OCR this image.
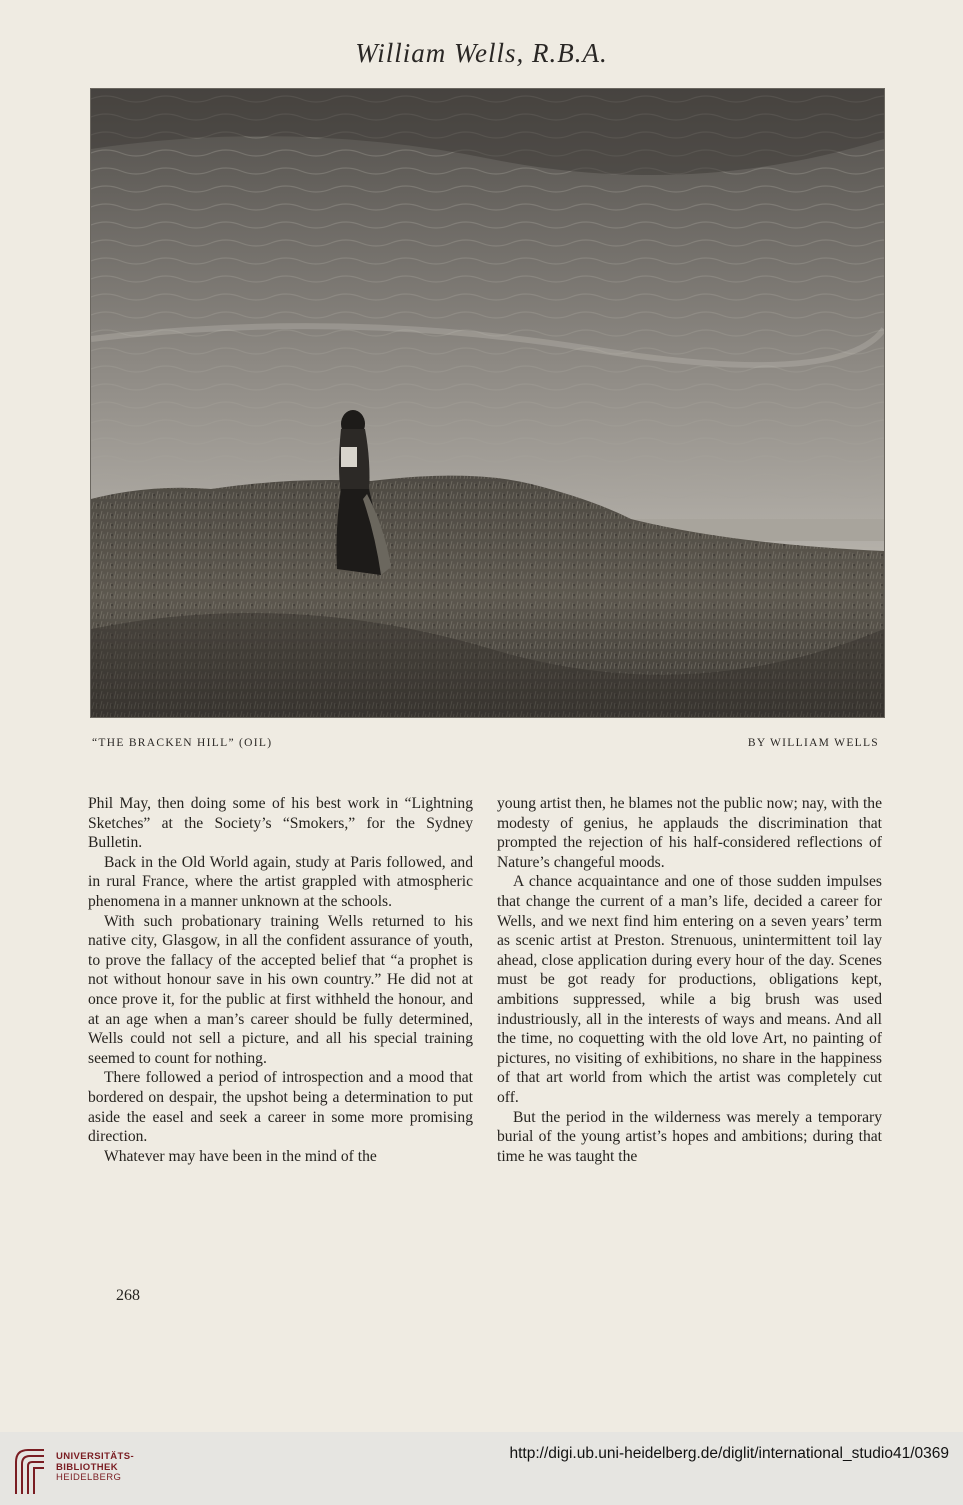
William Wells, R.B.A.
“THE BRACKEN HILL” (OIL)	BY WILLIAM WELLS

Phil May, then doing some of his best work in “Lightning Sketches” at the Society’s “Smokers,” for the Sydney Bulletin.

Back in the Old World again, study at Paris followed, and in rural France, where the artist grappled with atmospheric phenomena in a manner unknown at the schools.

With such probationary training Wells returned to his native city, Glasgow, in all the confident assurance of youth, to prove the fallacy of the accepted belief that “a prophet is not without honour save in his own country.” He did not at once prove it, for the public at first withheld the honour, and at an age when a man’s career should be fully determined, Wells could not sell a picture, and all his special training seemed to count for nothing.

There followed a period of introspection and a mood that bordered on despair, the upshot being a determination to put aside the easel and seek a career in some more promising direction.

Whatever may have been in the mind of the

young artist then, he blames not the public now; nay, with the modesty of genius, he applauds the discrimination that prompted the rejection of his half-considered reflections of Nature’s changeful moods.

A chance acquaintance and one of those sudden impulses that change the current of a man’s life, decided a career for Wells, and we next find him entering on a seven years’ term as scenic artist at Preston. Strenuous, unintermittent toil lay ahead, close application during every hour of the day. Scenes must be got ready for productions, obligations kept, ambitions suppressed, while a big brush was used industriously, all in the interests of ways and means. And all the time, no coquetting with the old love Art, no painting of pictures, no visiting of exhibitions, no share in the happiness of that art world from which the artist was completely cut off.

But the period in the wilderness was merely a temporary burial of the young artist’s hopes and ambitions; during that time he was taught the

268
UNIVERSITÄTS-
BIBLIOTHEK
HEIDELBERG
http://digi.ub.uni-heidelberg.de/diglit/international_studio41/0369
